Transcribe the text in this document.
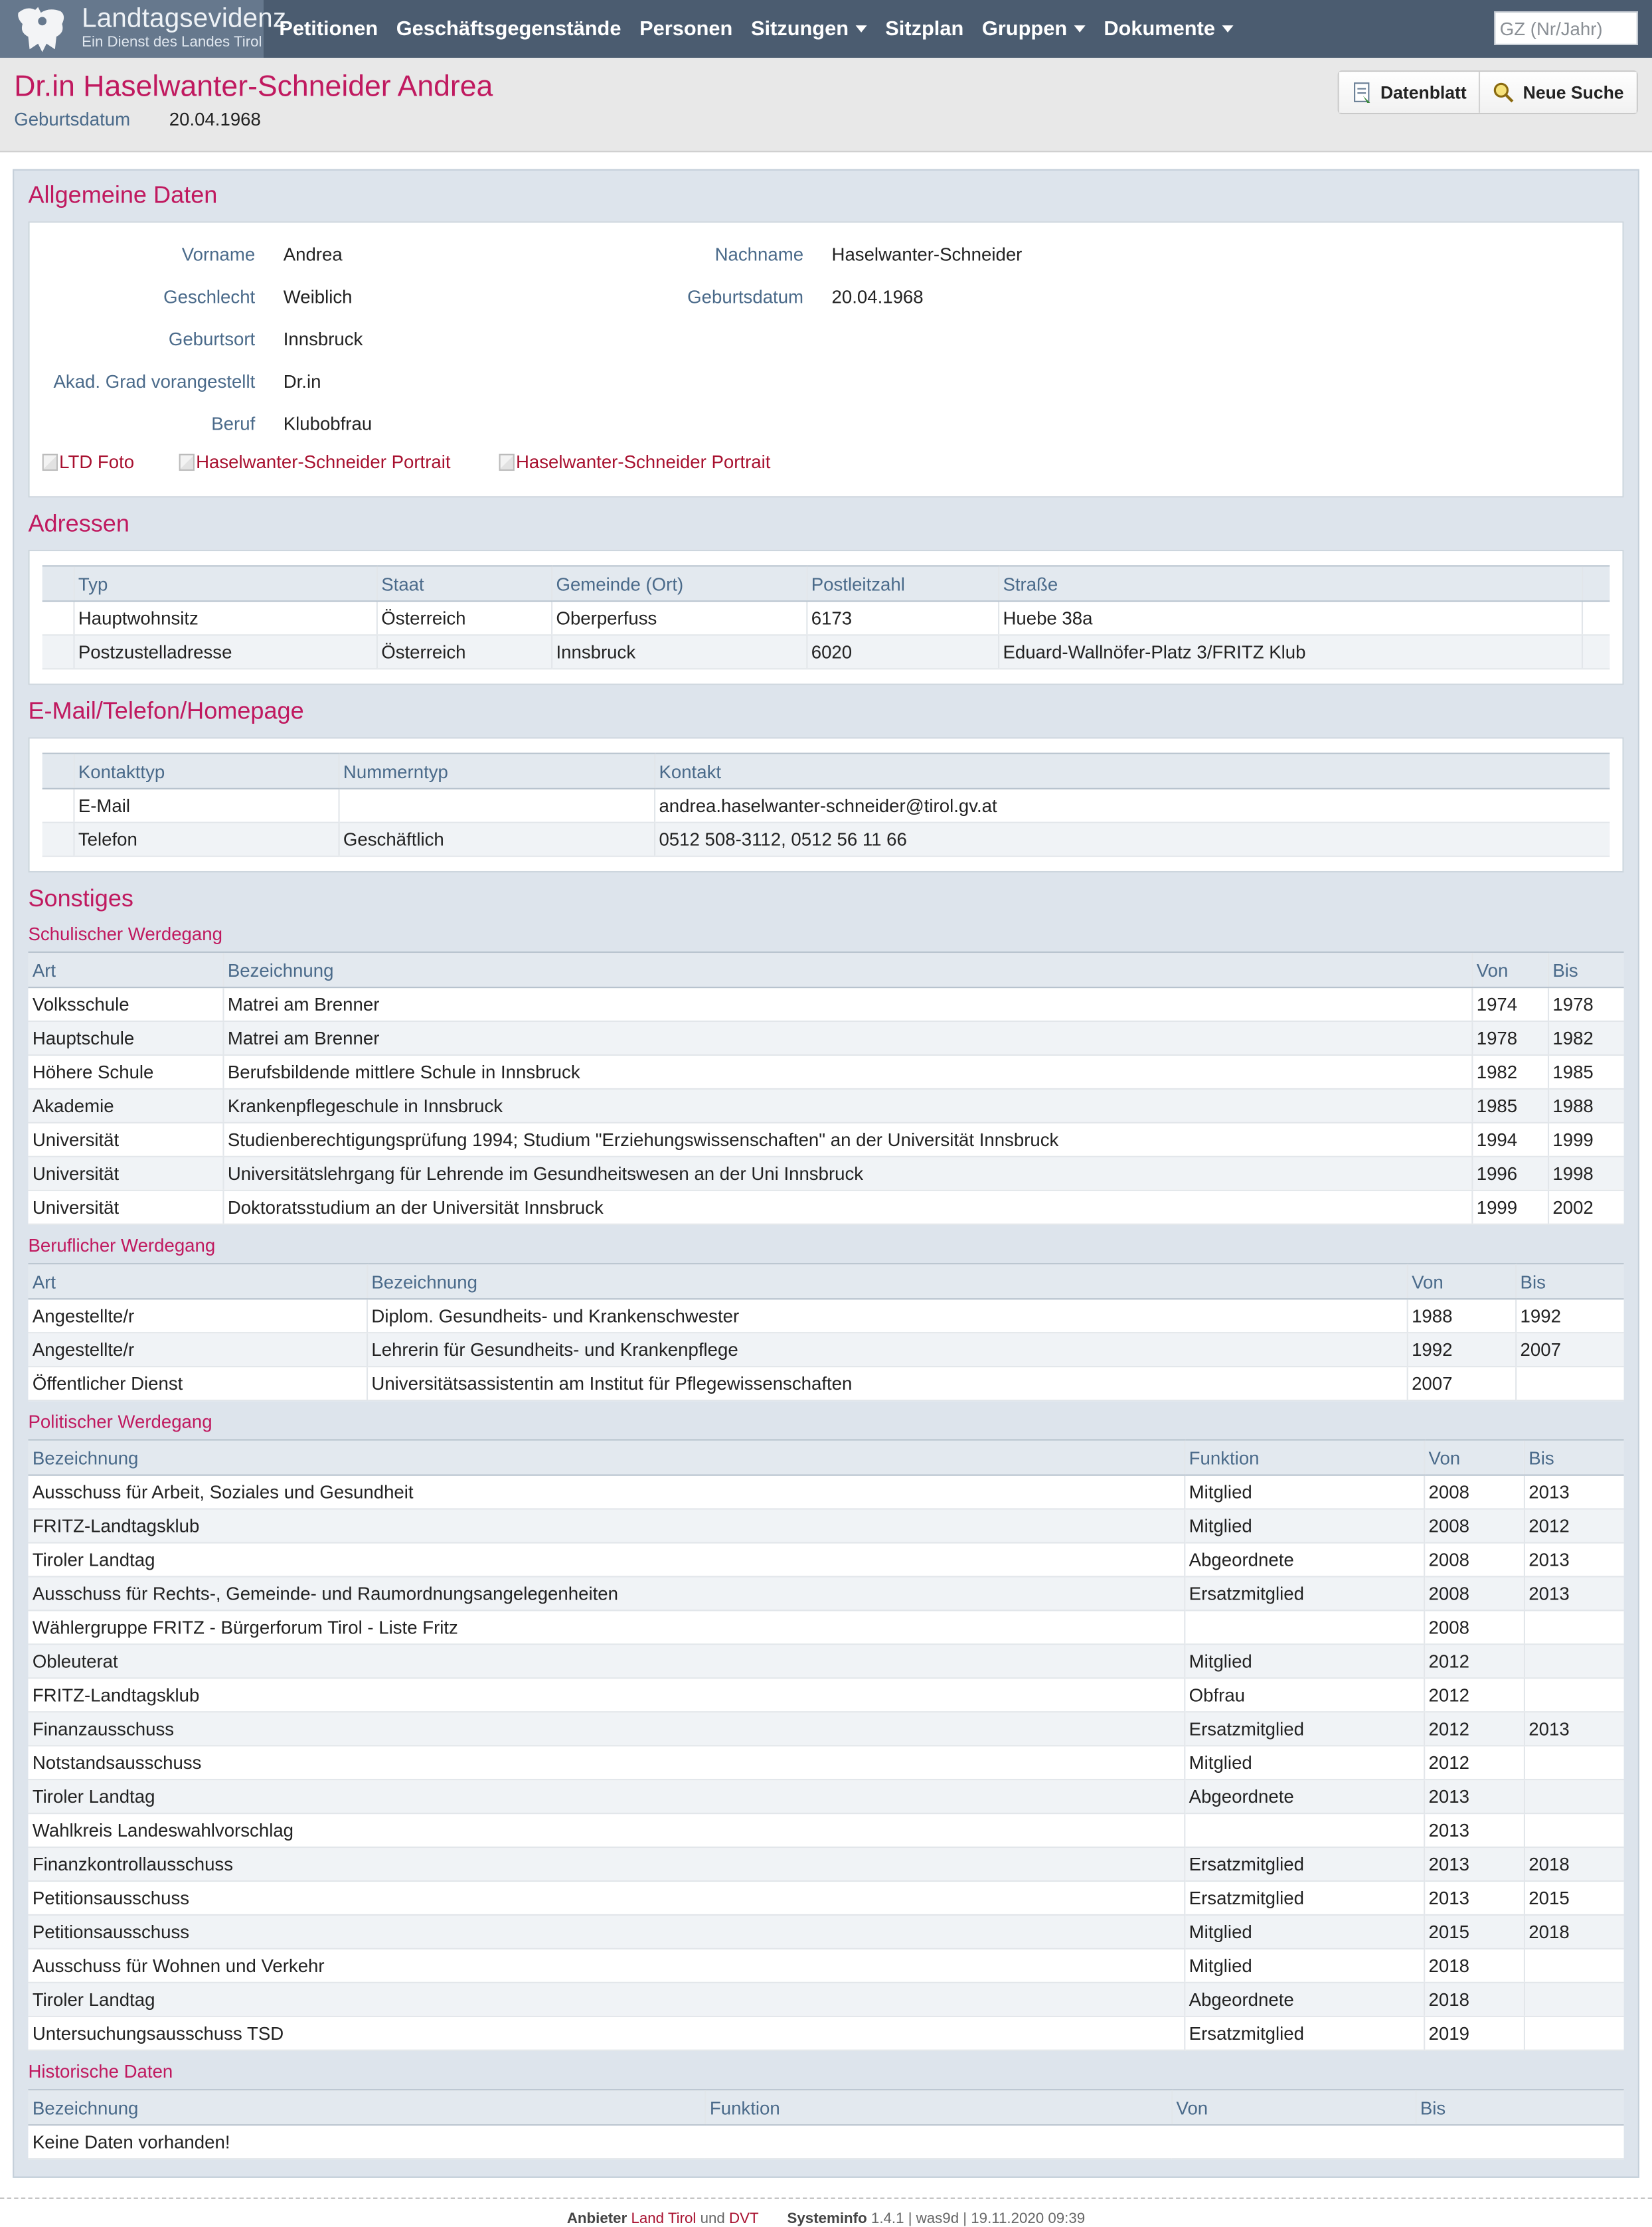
Landtagsevidenz
Ein Dienst des Landes Tirol
Petitionen Geschäftsgegenstände Personen Sitzungen	Sitzplan Gruppen	Dokumente
GZ (Nr/Jahr)
Dr.in Haselwanter-Schneider Andrea
Geburtsdatum	20.04.1968
Datenblatt	Neue Suche
Allgemeine Daten
Vorname	Andrea	Nachname	Haselwanter-Schneider
Geschlecht	Weiblich	Geburtsdatum	20.04.1968
Geburtsort	Innsbruck
Akad. Grad vorangestellt	Dr.in
Beruf	Klubobfrau
LTD Foto	Haselwanter-Schneider Portrait	Haselwanter-Schneider Portrait
Adressen
	Typ	Staat	Gemeinde (Ort)	Postleitzahl	Straße	
	Hauptwohnsitz	Österreich	Oberperfuss	6173	Huebe 38a	
	Postzustelladresse	Österreich	Innsbruck	6020	Eduard-Wallnöfer-Platz 3/FRITZ Klub	
E-Mail/Telefon/Homepage
	Kontakttyp	Nummerntyp	Kontakt
	E-Mail		andrea.haselwanter-schneider@tirol.gv.at
	Telefon	Geschäftlich	0512 508-3112, 0512 56 11 66
Sonstiges
Schulischer Werdegang
Art	Bezeichnung	Von	Bis
Volksschule	Matrei am Brenner	1974	1978
Hauptschule	Matrei am Brenner	1978	1982
Höhere Schule	Berufsbildende mittlere Schule in Innsbruck	1982	1985
Akademie	Krankenpflegeschule in Innsbruck	1985	1988
Universität	Studienberechtigungsprüfung 1994; Studium "Erziehungswissenschaften" an der Universität Innsbruck	1994	1999
Universität	Universitätslehrgang für Lehrende im Gesundheitswesen an der Uni Innsbruck	1996	1998
Universität	Doktoratsstudium an der Universität Innsbruck	1999	2002
Beruflicher Werdegang
Art	Bezeichnung	Von	Bis
Angestellte/r	Diplom. Gesundheits- und Krankenschwester	1988	1992
Angestellte/r	Lehrerin für Gesundheits- und Krankenpflege	1992	2007
Öffentlicher Dienst	Universitätsassistentin am Institut für Pflegewissenschaften	2007	
Politischer Werdegang
Bezeichnung	Funktion	Von	Bis
Ausschuss für Arbeit, Soziales und Gesundheit	Mitglied	2008	2013
FRITZ-Landtagsklub	Mitglied	2008	2012
Tiroler Landtag	Abgeordnete	2008	2013
Ausschuss für Rechts-, Gemeinde- und Raumordnungsangelegenheiten	Ersatzmitglied	2008	2013
Wählergruppe FRITZ - Bürgerforum Tirol - Liste Fritz		2008	
Obleuterat	Mitglied	2012	
FRITZ-Landtagsklub	Obfrau	2012	
Finanzausschuss	Ersatzmitglied	2012	2013
Notstandsausschuss	Mitglied	2012	
Tiroler Landtag	Abgeordnete	2013	
Wahlkreis Landeswahlvorschlag		2013	
Finanzkontrollausschuss	Ersatzmitglied	2013	2018
Petitionsausschuss	Ersatzmitglied	2013	2015
Petitionsausschuss	Mitglied	2015	2018
Ausschuss für Wohnen und Verkehr	Mitglied	2018	
Tiroler Landtag	Abgeordnete	2018	
Untersuchungsausschuss TSD	Ersatzmitglied	2019	
Historische Daten
Bezeichnung	Funktion	Von	Bis
Keine Daten vorhanden!
Anbieter Land Tirol und DVT	Systeminfo 1.4.1 | was9d | 19.11.2020 09:39
